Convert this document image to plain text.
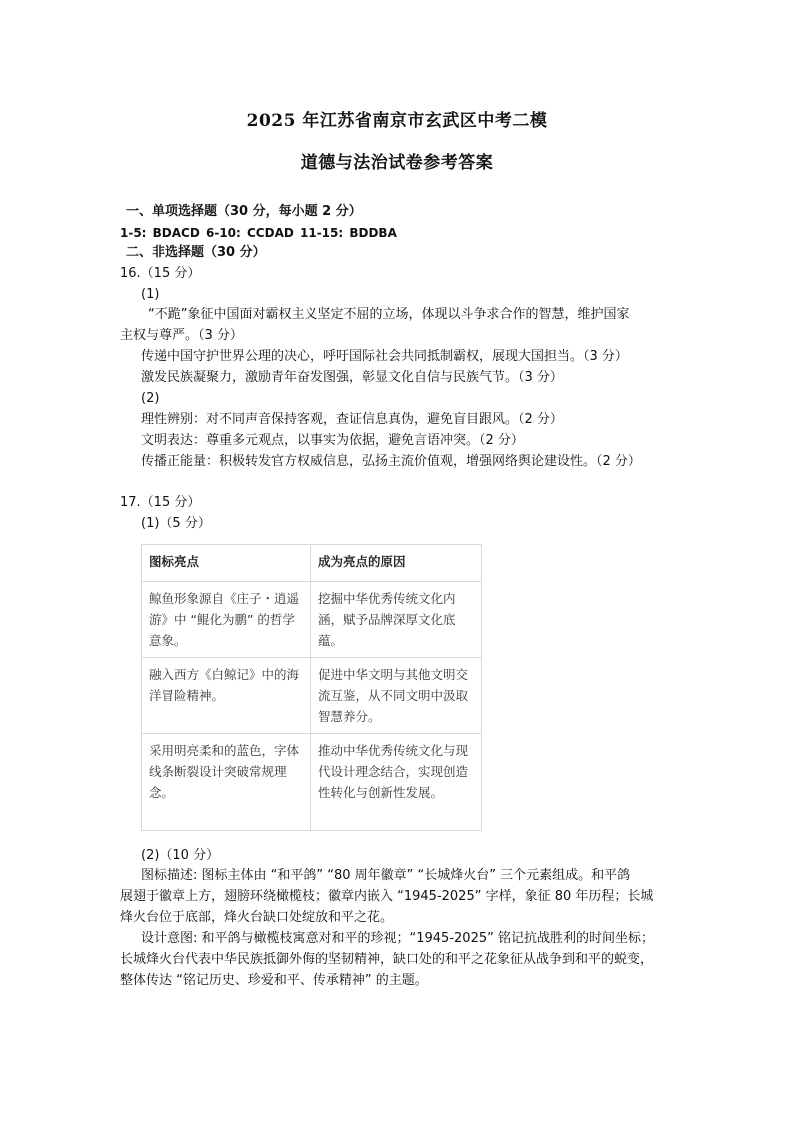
2025 年江苏省南京市玄武区中考二模
道德与法治试卷参考答案
一、单项选择题（30 分，每小题 2 分）
1-5: BDACD 6-10: CCDAD 11-15: BDDBA
二、非选择题（30 分）
16.（15 分）
(1)
“不跪”象征中国面对霸权主义坚定不屈的立场，体现以斗争求合作的智慧，维护国家
主权与尊严。（3 分）
传递中国守护世界公理的决心，呼吁国际社会共同抵制霸权，展现大国担当。（3 分）
激发民族凝聚力，激励青年奋发图强，彰显文化自信与民族气节。（3 分）
(2)
理性辨别：对不同声音保持客观，查证信息真伪，避免盲目跟风。（2 分）
文明表达：尊重多元观点，以事实为依据，避免言语冲突。（2 分）
传播正能量：积极转发官方权威信息，弘扬主流价值观，增强网络舆论建设性。（2 分）
17.（15 分）
(1)（5 分）
图标亮点	成为亮点的原因
鲸鱼形象源自《庄子・逍遥游》中 “鲲化为鹏” 的哲学意象。	挖掘中华优秀传统文化内涵，赋予品牌深厚文化底蕴。
融入西方《白鲸记》中的海洋冒险精神。	促进中华文明与其他文明交流互鉴，从不同文明中汲取智慧养分。
采用明亮柔和的蓝色，字体线条断裂设计突破常规理念。	推动中华优秀传统文化与现代设计理念结合，实现创造性转化与创新性发展。
(2)（10 分）
图标描述: 图标主体由 “和平鸽” “80 周年徽章” “长城烽火台” 三个元素组成。和平鸽
展翅于徽章上方，翅膀环绕橄榄枝；徽章内嵌入 “1945-2025” 字样，象征 80 年历程；长城
烽火台位于底部，烽火台缺口处绽放和平之花。
设计意图: 和平鸽与橄榄枝寓意对和平的珍视；“1945-2025” 铭记抗战胜利的时间坐标；
长城烽火台代表中华民族抵御外侮的坚韧精神，缺口处的和平之花象征从战争到和平的蜕变，
整体传达 “铭记历史、珍爱和平、传承精神” 的主题。
